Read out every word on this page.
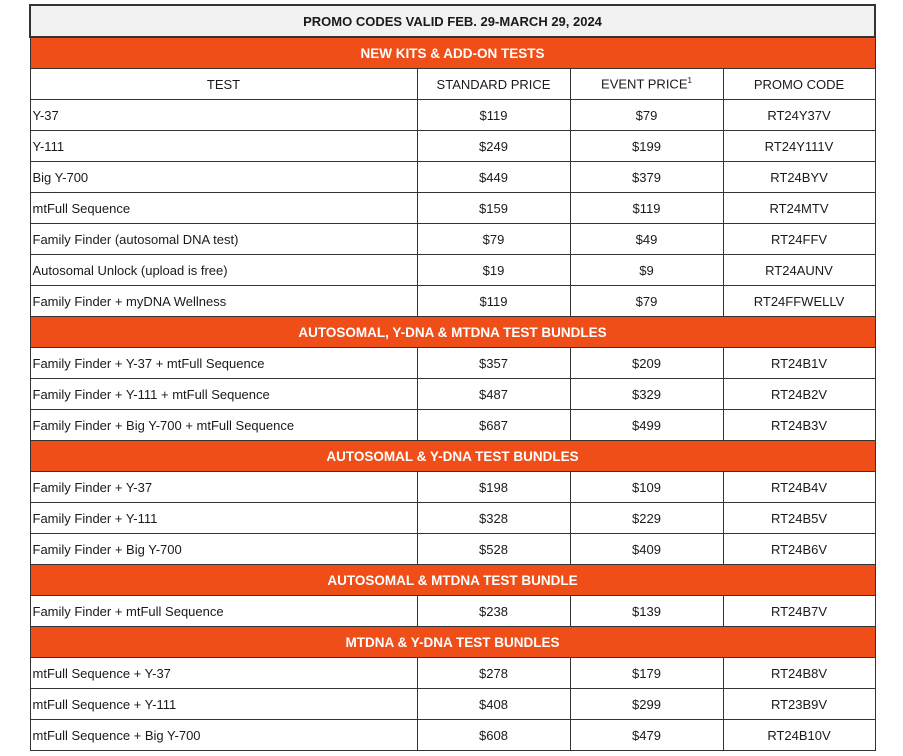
PROMO CODES VALID FEB. 29-MARCH 29, 2024			
NEW KITS & ADD-ON TESTS			
TEST	STANDARD PRICE	EVENT PRICE$^1$	PROMO CODE
Y-37	$119	$79	RT24Y37V
Y-111	$249	$199	RT24Y111V
Big Y-700	$449	$379	RT24BYV
mtFull Sequence	$159	$119	RT24MTV
Family Finder (autosomal DNA test)	$79	$49	RT24FFV
Autosomal Unlock (upload is free)	$19	$9	RT24AUNV
Family Finder + myDNA Wellness	$119	$79	RT24FFWELLV
AUTOSOMAL, Y-DNA & MTDNA TEST BUNDLES			
Family Finder + Y-37 + mtFull Sequence	$357	$209	RT24B1V
Family Finder + Y-111 + mtFull Sequence	$487	$329	RT24B2V
Family Finder + Big Y-700 + mtFull Sequence	$687	$499	RT24B3V
AUTOSOMAL & Y-DNA TEST BUNDLES			
Family Finder + Y-37	$198	$109	RT24B4V
Family Finder + Y-111	$328	$229	RT24B5V
Family Finder + Big Y-700	$528	$409	RT24B6V
AUTOSOMAL & MTDNA TEST BUNDLE			
Family Finder + mtFull Sequence	$238	$139	RT24B7V
MTDNA & Y-DNA TEST BUNDLES			
mtFull Sequence + Y-37	$278	$179	RT24B8V
mtFull Sequence + Y-111	$408	$299	RT23B9V
mtFull Sequence + Big Y-700	$608	$479	RT24B10V
